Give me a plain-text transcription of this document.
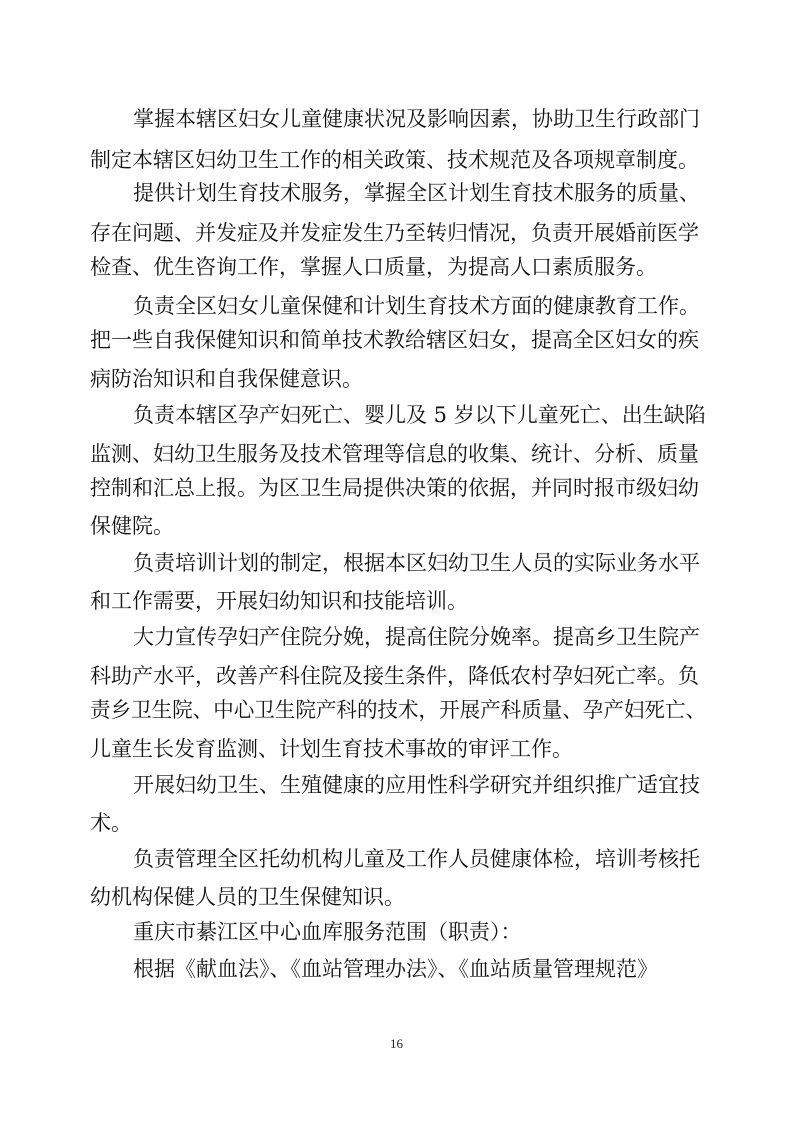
掌握本辖区妇女儿童健康状况及影响因素，协助卫生行政部门
制定本辖区妇幼卫生工作的相关政策、技术规范及各项规章制度。
提供计划生育技术服务，掌握全区计划生育技术服务的质量、
存在问题、并发症及并发症发生乃至转归情况，负责开展婚前医学
检查、优生咨询工作，掌握人口质量，为提高人口素质服务。
负责全区妇女儿童保健和计划生育技术方面的健康教育工作。
把一些自我保健知识和简单技术教给辖区妇女，提高全区妇女的疾
病防治知识和自我保健意识。
负责本辖区孕产妇死亡、婴儿及 5 岁以下儿童死亡、出生缺陷
监测、妇幼卫生服务及技术管理等信息的收集、统计、分析、质量
控制和汇总上报。为区卫生局提供决策的依据，并同时报市级妇幼
保健院。
负责培训计划的制定，根据本区妇幼卫生人员的实际业务水平
和工作需要，开展妇幼知识和技能培训。
大力宣传孕妇产住院分娩，提高住院分娩率。提高乡卫生院产
科助产水平，改善产科住院及接生条件，降低农村孕妇死亡率。负
责乡卫生院、中心卫生院产科的技术，开展产科质量、孕产妇死亡、
儿童生长发育监测、计划生育技术事故的审评工作。
开展妇幼卫生、生殖健康的应用性科学研究并组织推广适宜技
术。
负责管理全区托幼机构儿童及工作人员健康体检，培训考核托
幼机构保健人员的卫生保健知识。
重庆市綦江区中心血库服务范围（职责）：
根据《献血法》、《血站管理办法》、《血站质量管理规范》
16
